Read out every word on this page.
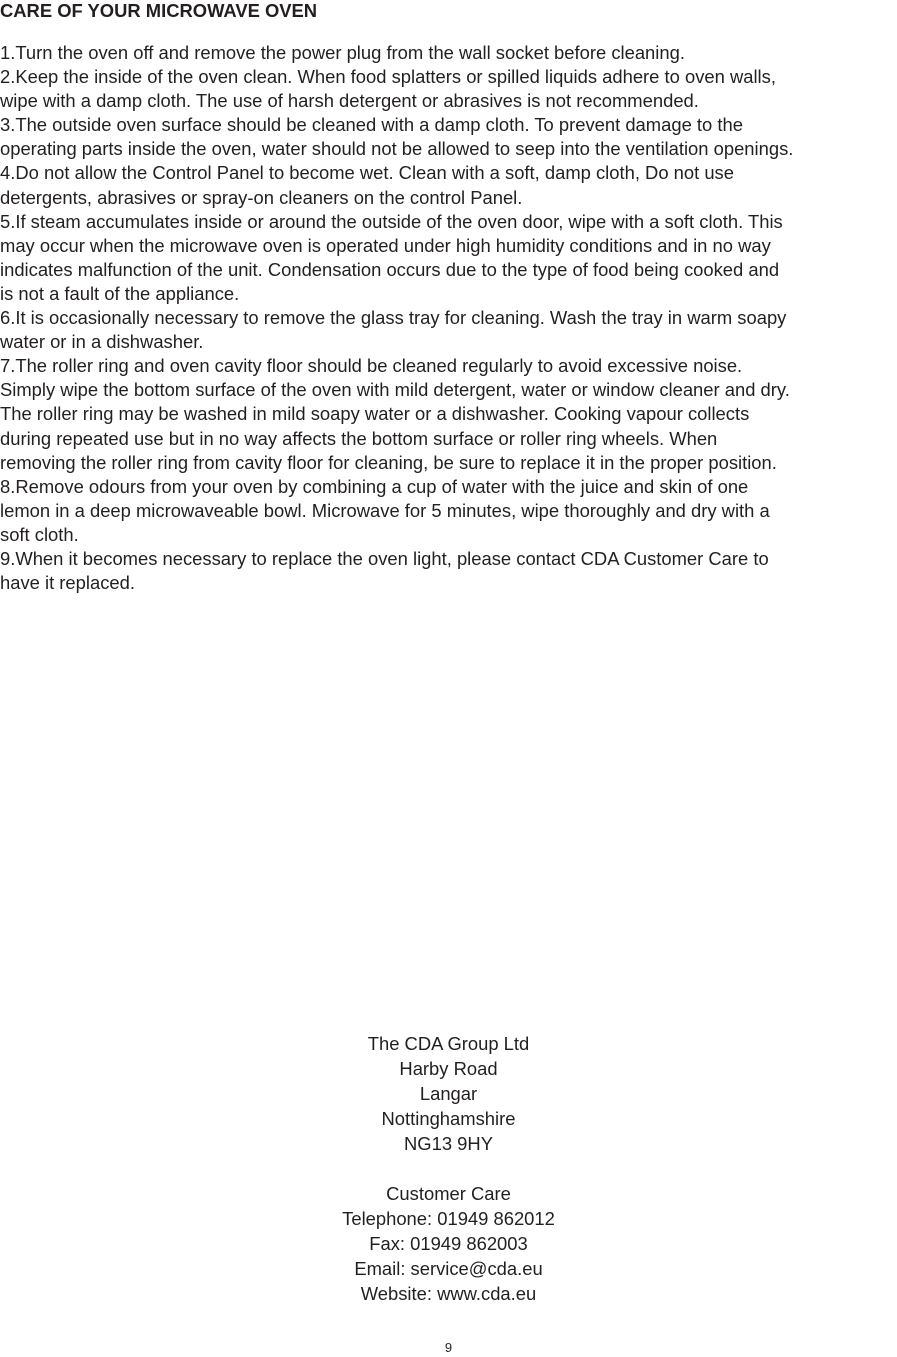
CARE OF YOUR MICROWAVE OVEN
1.Turn the oven off and remove the power plug from the wall socket before cleaning.
2.Keep the inside of the oven clean. When food splatters or spilled liquids adhere to oven walls,
wipe with a damp cloth. The use of harsh detergent or abrasives is not recommended.
3.The outside oven surface should be cleaned with a damp cloth. To prevent damage to the
operating parts inside the oven, water should not be allowed to seep into the ventilation openings.
4.Do not allow the Control Panel to become wet. Clean with a soft, damp cloth, Do not use
detergents, abrasives or spray-on cleaners on the control Panel.
5.If steam accumulates inside or around the outside of the oven door, wipe with a soft cloth. This
may occur when the microwave oven is operated under high humidity conditions and in no way
indicates malfunction of the unit. Condensation occurs due to the type of food being cooked and
is not a fault of the appliance.
6.It is occasionally necessary to remove the glass tray for cleaning. Wash the tray in warm soapy
water or in a dishwasher.
7.The roller ring and oven cavity floor should be cleaned regularly to avoid excessive noise.
Simply wipe the bottom surface of the oven with mild detergent, water or window cleaner and dry.
The roller ring may be washed in mild soapy water or a dishwasher. Cooking vapour collects
during repeated use but in no way affects the bottom surface or roller ring wheels. When
removing the roller ring from cavity floor for cleaning, be sure to replace it in the proper position.
8.Remove odours from your oven by combining a cup of water with the juice and skin of one
lemon in a deep microwaveable bowl. Microwave for 5 minutes, wipe thoroughly and dry with a
soft cloth.
9.When it becomes necessary to replace the oven light, please contact CDA Customer Care to
have it replaced.
The CDA Group Ltd
Harby Road
Langar
Nottinghamshire
NG13 9HY
Customer Care
Telephone: 01949 862012
Fax: 01949 862003
Email: service@cda.eu
Website: www.cda.eu
9
